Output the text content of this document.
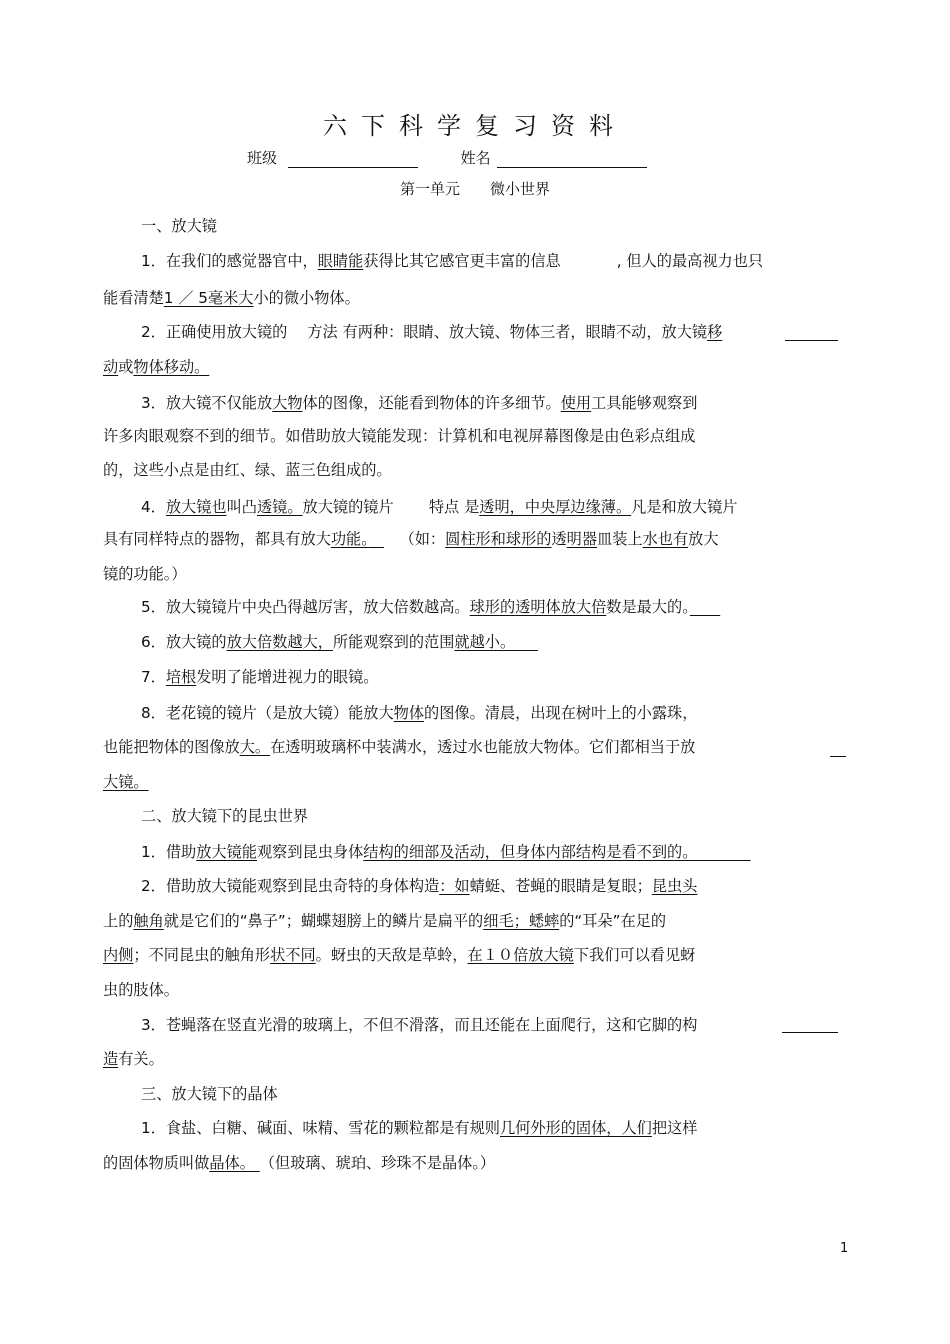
六下科学复习资料
班级	姓名
第一单元　　微小世界
一、放大镜
1．在我们的感觉器官中，眼睛能获得比其它感官更丰富的信息	, 但人的最高视力也只
能看清楚1 ／ 5毫米大小的微小物体。
2．正确使用放大镜的　 方法 有两种：眼睛、放大镜、物体三者，眼睛不动，放大镜移
动或物体移动。
3．放大镜不仅能放大物体的图像，还能看到物体的许多细节。使用工具能够观察到
许多肉眼观察不到的细节。如借助放大镜能发现：计算机和电视屏幕图像是由色彩点组成
的，这些小点是由红、绿、蓝三色组成的。
4．放大镜也叫凸透镜。放大镜的镜片　　 特点 是透明，中央厚边缘薄。凡是和放大镜片
具有同样特点的器物，都具有放大功能。　　（如：圆柱形和球形的透明器皿装上水也有放大
镜的功能。）
5．放大镜镜片中央凸得越厉害，放大倍数越高。球形的透明体放大倍数是最大的。　　
6．放大镜的放大倍数越大，所能观察到的范围就越小。　　
7．培根发明了能增进视力的眼镜。
8．老花镜的镜片（是放大镜）能放大物体的图像。清晨，出现在树叶上的小露珠，
也能把物体的图像放大。在透明玻璃杯中装满水，透过水也能放大物体。它们都相当于放
大镜。
二、放大镜下的昆虫世界
1．借助放大镜能观察到昆虫身体结构的细部及活动，但身体内部结构是看不到的。　　　　
2．借助放大镜能观察到昆虫奇特的身体构造：如蜻蜓、苍蝇的眼睛是复眼；昆虫头
上的触角就是它们的“鼻子”；蝴蝶翅膀上的鳞片是扁平的细毛；蟋蟀的“耳朵”在足的
内侧；不同昆虫的触角形状不同。蚜虫的天敌是草蛉，在１０倍放大镜下我们可以看见蚜
虫的肢体。
3．苍蝇落在竖直光滑的玻璃上，不但不滑落，而且还能在上面爬行，这和它脚的构
造有关。
三、放大镜下的晶体
1．食盐、白糖、碱面、味精、雪花的颗粒都是有规则几何外形的固体，人们把这样
的固体物质叫做晶体。 （但玻璃、琥珀、珍珠不是晶体。）
1
